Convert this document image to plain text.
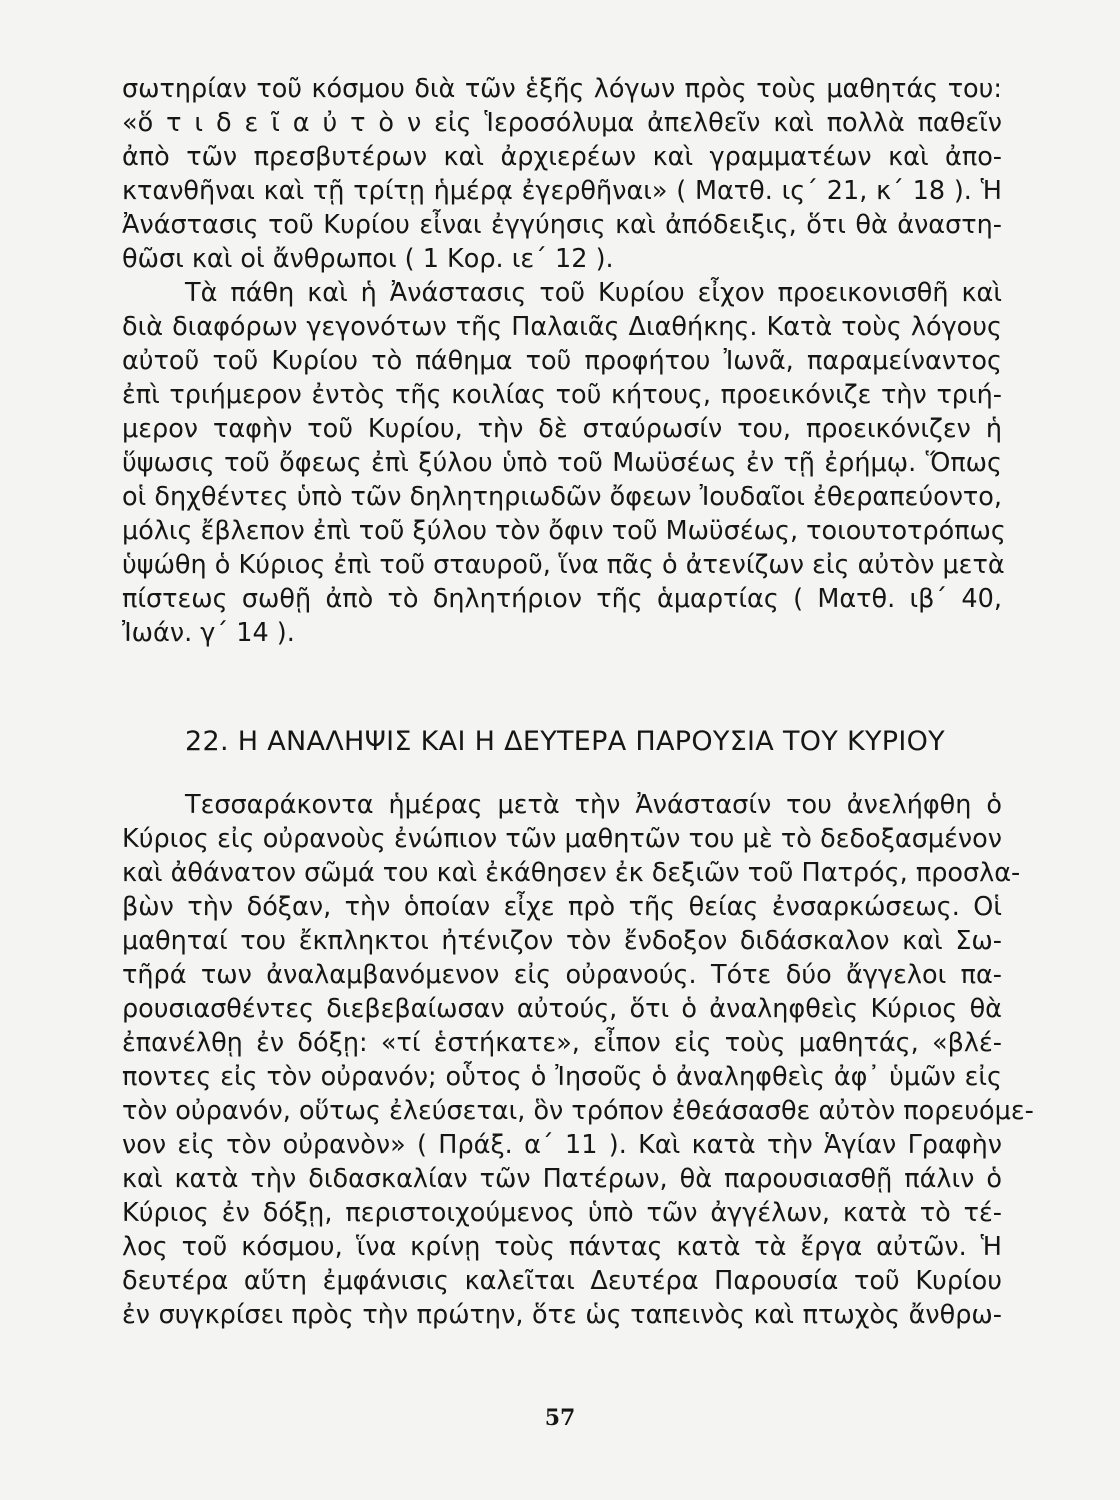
σωτηρίαν τοῦ κόσμου διὰ τῶν ἑξῆς λόγων πρὸς τοὺς μαθητάς του:
«ὅ τ ι δ ε ῖ α ὐ τ ὸ ν εἰς Ἱεροσόλυμα ἀπελθεῖν καὶ πολλὰ παθεῖν
ἀπὸ τῶν πρεσβυτέρων καὶ ἀρχιερέων καὶ γραμματέων καὶ ἀπο-
κτανθῆναι καὶ τῇ τρίτῃ ἡμέρᾳ ἐγερθῆναι» ( Ματθ. ις΄ 21, κ΄ 18 ). Ἡ
Ἀνάστασις τοῦ Κυρίου εἶναι ἐγγύησις καὶ ἀπόδειξις, ὅτι θὰ ἀναστη-
θῶσι καὶ οἱ ἄνθρωποι ( 1 Κορ. ιε΄ 12 ).
Τὰ πάθη καὶ ἡ Ἀνάστασις τοῦ Κυρίου εἶχον προεικονισθῆ καὶ
διὰ διαφόρων γεγονότων τῆς Παλαιᾶς Διαθήκης. Κατὰ τοὺς λόγους
αὐτοῦ τοῦ Κυρίου τὸ πάθημα τοῦ προφήτου Ἰωνᾶ, παραμείναντος
ἐπὶ τριήμερον ἐντὸς τῆς κοιλίας τοῦ κήτους, προεικόνιζε τὴν τριή-
μερον ταφὴν τοῦ Κυρίου, τὴν δὲ σταύρωσίν του, προεικόνιζεν ἡ
ὕψωσις τοῦ ὄφεως ἐπὶ ξύλου ὑπὸ τοῦ Μωϋσέως ἐν τῇ ἐρήμῳ. Ὅπως
οἱ δηχθέντες ὑπὸ τῶν δηλητηριωδῶν ὄφεων Ἰουδαῖοι ἐθεραπεύοντο,
μόλις ἔβλεπον ἐπὶ τοῦ ξύλου τὸν ὄφιν τοῦ Μωϋσέως, τοιουτοτρόπως
ὑψώθη ὁ Κύριος ἐπὶ τοῦ σταυροῦ, ἵνα πᾶς ὁ ἀτενίζων εἰς αὐτὸν μετὰ
πίστεως σωθῇ ἀπὸ τὸ δηλητήριον τῆς ἁμαρτίας ( Ματθ. ιβ΄ 40,
Ἰωάν. γ΄ 14 ).
22. Η ΑΝΑΛΗΨΙΣ ΚΑΙ Η ΔΕΥΤΕΡΑ ΠΑΡΟΥΣΙΑ ΤΟΥ ΚΥΡΙΟΥ
Τεσσαράκοντα ἡμέρας μετὰ τὴν Ἀνάστασίν του ἀνελήφθη ὁ
Κύριος εἰς οὐρανοὺς ἐνώπιον τῶν μαθητῶν του μὲ τὸ δεδοξασμένον
καὶ ἀθάνατον σῶμά του καὶ ἐκάθησεν ἐκ δεξιῶν τοῦ Πατρός, προσλα-
βὼν τὴν δόξαν, τὴν ὁποίαν εἶχε πρὸ τῆς θείας ἐνσαρκώσεως. Οἱ
μαθηταί του ἔκπληκτοι ἠτένιζον τὸν ἔνδοξον διδάσκαλον καὶ Σω-
τῆρά των ἀναλαμβανόμενον εἰς οὐρανούς. Τότε δύο ἄγγελοι πα-
ρουσιασθέντες διεβεβαίωσαν αὐτούς, ὅτι ὁ ἀναληφθεὶς Κύριος θὰ
ἐπανέλθῃ ἐν δόξῃ: «τί ἑστήκατε», εἶπον εἰς τοὺς μαθητάς, «βλέ-
ποντες εἰς τὸν οὐρανόν; οὗτος ὁ Ἰησοῦς ὁ ἀναληφθεὶς ἀφ᾿ ὑμῶν εἰς
τὸν οὐρανόν, οὕτως ἐλεύσεται, ὃν τρόπον ἐθεάσασθε αὐτὸν πορευόμε-
νον εἰς τὸν οὐρανὸν» ( Πράξ. α΄ 11 ). Καὶ κατὰ τὴν Ἁγίαν Γραφὴν
καὶ κατὰ τὴν διδασκαλίαν τῶν Πατέρων, θὰ παρουσιασθῇ πάλιν ὁ
Κύριος ἐν δόξῃ, περιστοιχούμενος ὑπὸ τῶν ἀγγέλων, κατὰ τὸ τέ-
λος τοῦ κόσμου, ἵνα κρίνῃ τοὺς πάντας κατὰ τὰ ἔργα αὐτῶν. Ἡ
δευτέρα αὕτη ἐμφάνισις καλεῖται Δευτέρα Παρουσία τοῦ Κυρίου
ἐν συγκρίσει πρὸς τὴν πρώτην, ὅτε ὡς ταπεινὸς καὶ πτωχὸς ἄνθρω-
57
